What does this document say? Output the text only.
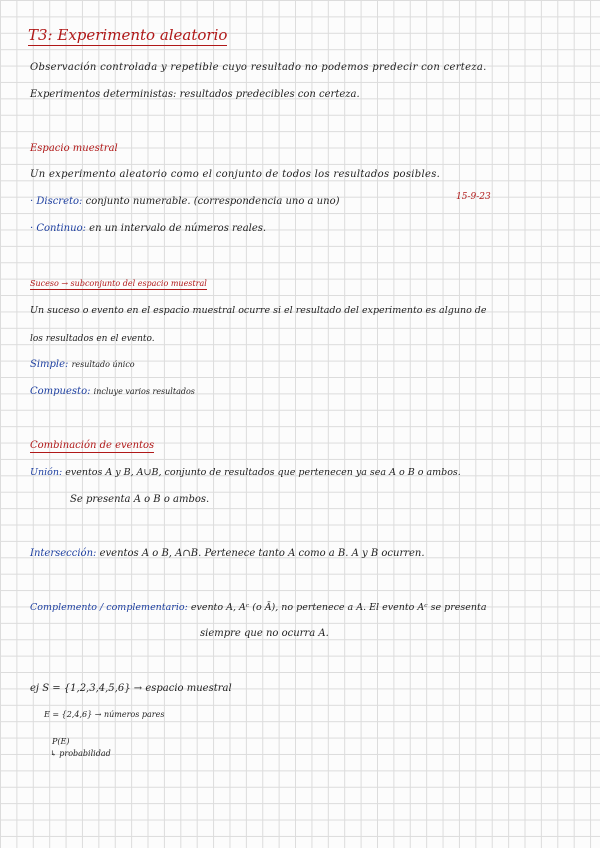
T3: Experimento aleatorio
Observación controlada y repetible cuyo resultado no podemos predecir con certeza.
Experimentos deterministas: resultados predecibles con certeza.
Espacio muestral
Un experimento aleatorio como el conjunto de todos los resultados posibles.
15-9-23
· Discreto: conjunto numerable. (correspondencia uno a uno)
· Continuo: en un intervalo de números reales.
Suceso → subconjunto del espacio muestral
Un suceso o evento en el espacio muestral ocurre si el resultado del experimento es alguno de
los resultados en el evento.
Simple: resultado único
Compuesto: incluye varios resultados
Combinación de eventos
Unión: eventos A y B, A∪B, conjunto de resultados que pertenecen ya sea A o B o ambos.
Se presenta A o B o ambos.
Intersección: eventos A o B, A∩B. Pertenece tanto A como a B. A y B ocurren.
Complemento / complementario: evento A, Aᶜ (o Ā), no pertenece a A. El evento Aᶜ se presenta
siempre que no ocurra A.
ej S = {1,2,3,4,5,6} → espacio muestral
E = {2,4,6} → números pares
P(E)
↳ probabilidad
